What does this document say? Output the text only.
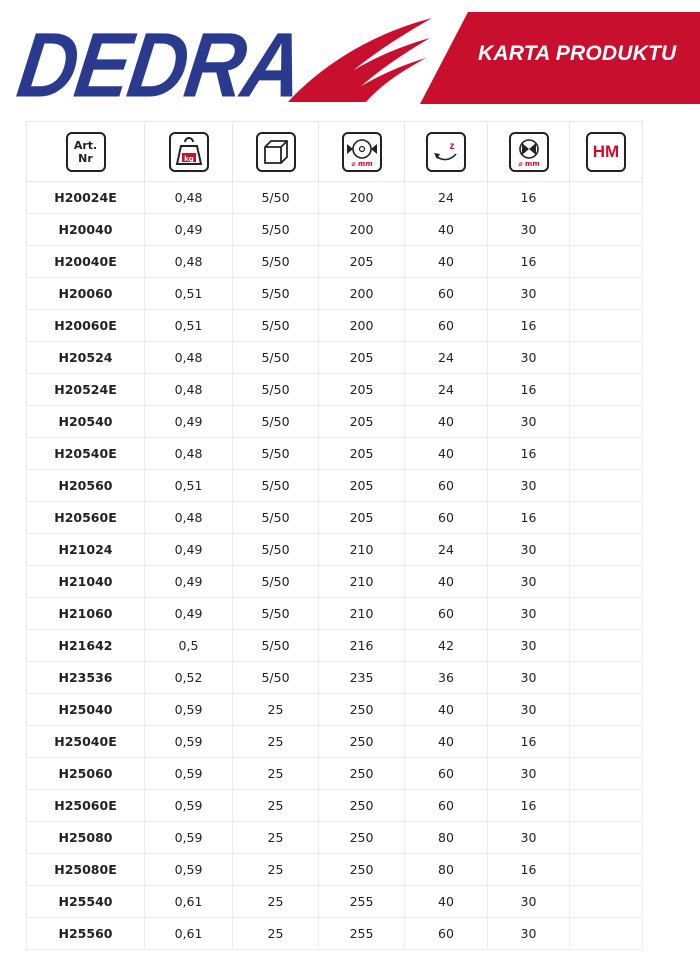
DEDRA	KARTA PRODUKTU
Art.
Nr	kg		⌀ mm	z	⌀ mm	HM

H20024E	0,48	5/50	200	24	16	
H20040	0,49	5/50	200	40	30	
H20040E	0,48	5/50	205	40	16	
H20060	0,51	5/50	200	60	30	
H20060E	0,51	5/50	200	60	16	
H20524	0,48	5/50	205	24	30	
H20524E	0,48	5/50	205	24	16	
H20540	0,49	5/50	205	40	30	
H20540E	0,48	5/50	205	40	16	
H20560	0,51	5/50	205	60	30	
H20560E	0,48	5/50	205	60	16	
H21024	0,49	5/50	210	24	30	
H21040	0,49	5/50	210	40	30	
H21060	0,49	5/50	210	60	30	
H21642	0,5	5/50	216	42	30	
H23536	0,52	5/50	235	36	30	
H25040	0,59	25	250	40	30	
H25040E	0,59	25	250	40	16	
H25060	0,59	25	250	60	30	
H25060E	0,59	25	250	60	16	
H25080	0,59	25	250	80	30	
H25080E	0,59	25	250	80	16	
H25540	0,61	25	255	40	30	
H25560	0,61	25	255	60	30	
